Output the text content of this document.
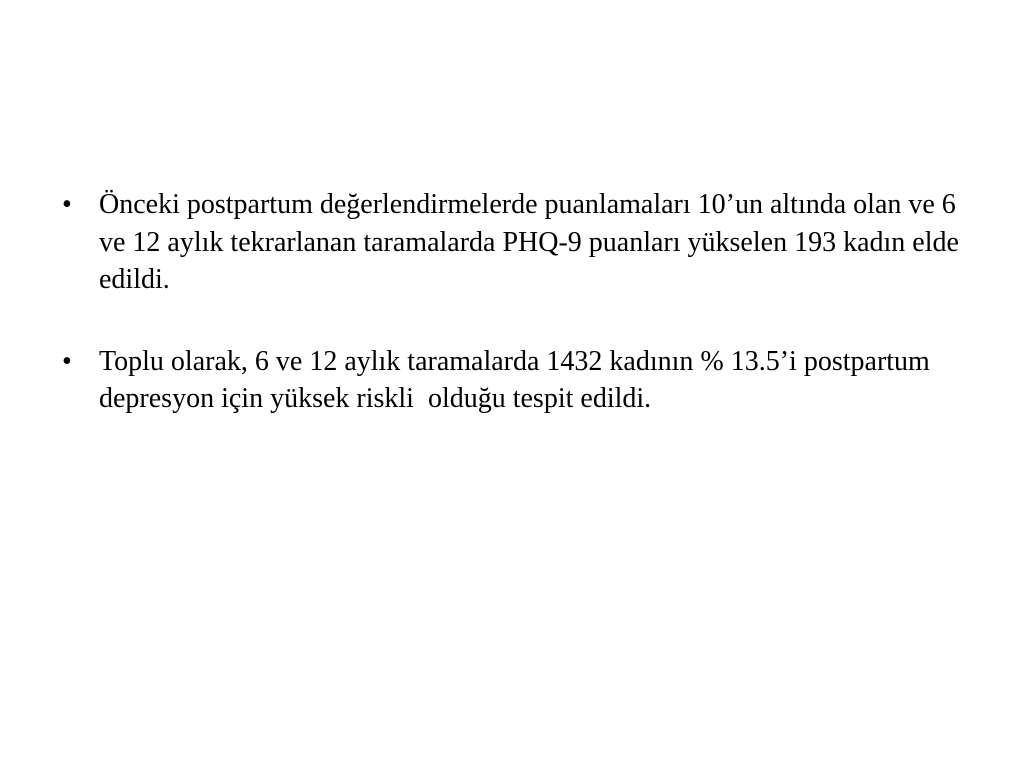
• Önceki postpartum değerlendirmelerde puanlamaları 10’un altında olan ve 6 ve 12 aylık tekrarlanan taramalarda PHQ-9 puanları yükselen 193 kadın elde edildi.
• Toplu olarak, 6 ve 12 aylık taramalarda 1432 kadının % 13.5’i postpartum depresyon için yüksek riskli  olduğu tespit edildi.
